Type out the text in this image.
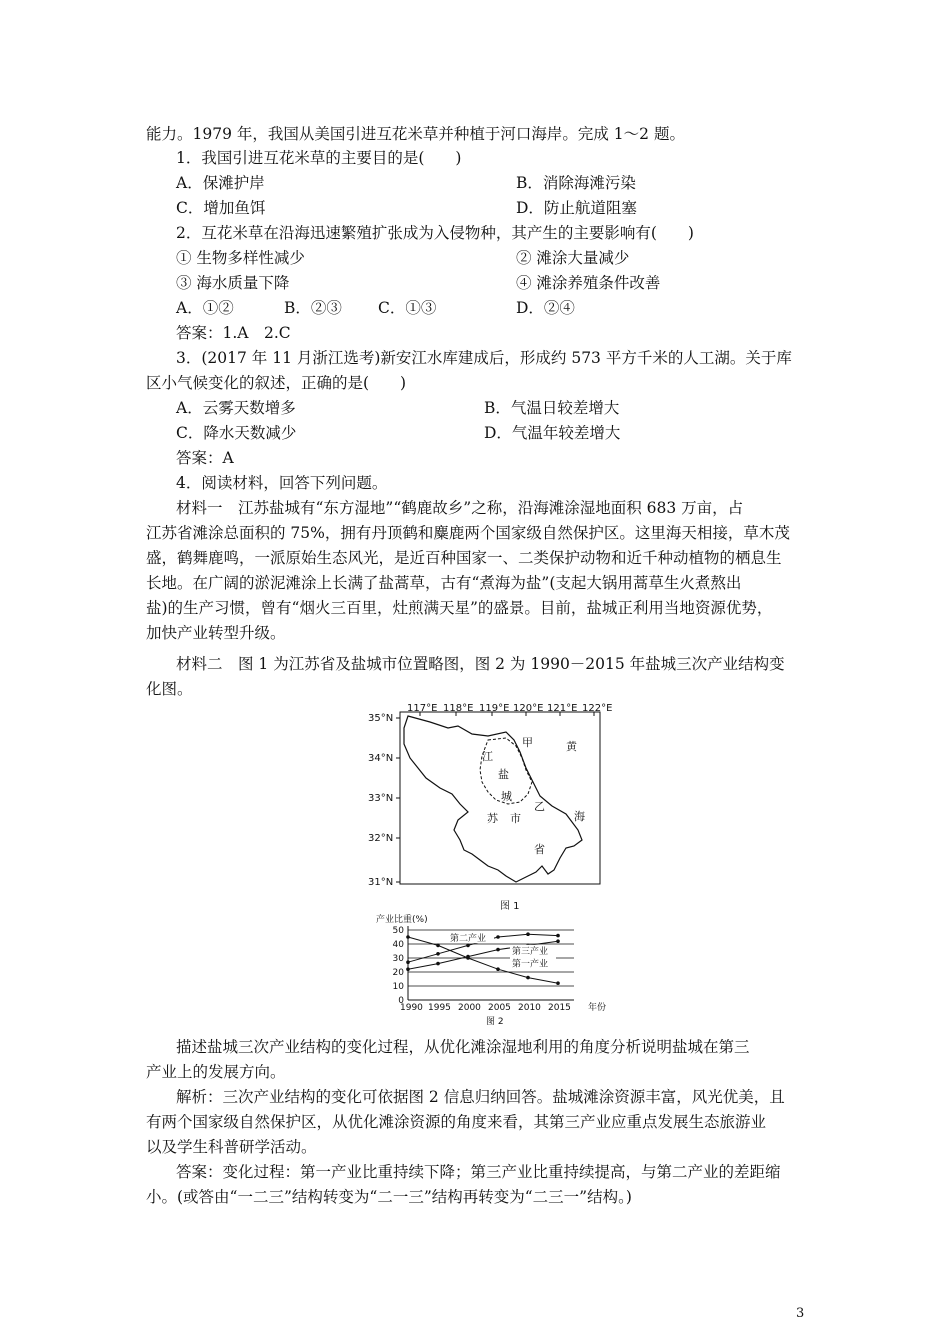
能力。1979 年，我国从美国引进互花米草并种植于河口海岸。完成 1～2 题。
1．我国引进互花米草的主要目的是(　　)
A．保滩护岸	B．消除海滩污染
C．增加鱼饵	D．防止航道阻塞
2．互花米草在沿海迅速繁殖扩张成为入侵物种，其产生的主要影响有(　　)
① 生物多样性减少	② 滩涂大量减少
③ 海水质量下降	④ 滩涂养殖条件改善
A．①②	B．②③ C．①③	D．②④
答案：1.A　2.C
3．(2017 年 11 月浙江选考)新安江水库建成后，形成约 573 平方千米的人工湖。关于库
区小气候变化的叙述，正确的是(　　)
A．云雾天数增多	B．气温日较差增大
C．降水天数减少	D．气温年较差增大
答案：A
4．阅读材料，回答下列问题。
材料一　江苏盐城有“东方湿地”“鹤鹿故乡”之称，沿海滩涂湿地面积 683 万亩，占
江苏省滩涂总面积的 75%，拥有丹顶鹤和麋鹿两个国家级自然保护区。这里海天相接，草木茂
盛，鹤舞鹿鸣，一派原始生态风光，是近百种国家一、二类保护动物和近千种动植物的栖息生
长地。在广阔的淤泥滩涂上长满了盐蒿草，古有“煮海为盐”(支起大锅用蒿草生火煮熬出
盐)的生产习惯，曾有“烟火三百里，灶煎满天星”的盛景。目前，盐城正利用当地资源优势，
加快产业转型升级。
材料二　图 1 为江苏省及盐城市位置略图，图 2 为 1990－2015 年盐城三次产业结构变
化图。
117°E 118°E 119°E 120°E 121°E 122°E
35°N
34°N
33°N
32°N
31°N
江
盐
城
市
苏
省
甲
乙
黄
海
图 1
产业比重(%)
0
10
20
30
40
50
1990 1995 2000 2005 2010 2015
第二产业
第三产业
第一产业
年份
图 2
描述盐城三次产业结构的变化过程，从优化滩涂湿地利用的角度分析说明盐城在第三
产业上的发展方向。
解析：三次产业结构的变化可依据图 2 信息归纳回答。盐城滩涂资源丰富，风光优美，且
有两个国家级自然保护区，从优化滩涂资源的角度来看，其第三产业应重点发展生态旅游业
以及学生科普研学活动。
答案：变化过程：第一产业比重持续下降；第三产业比重持续提高，与第二产业的差距缩
小。(或答由“一二三”结构转变为“二一三”结构再转变为“二三一”结构。)
3
